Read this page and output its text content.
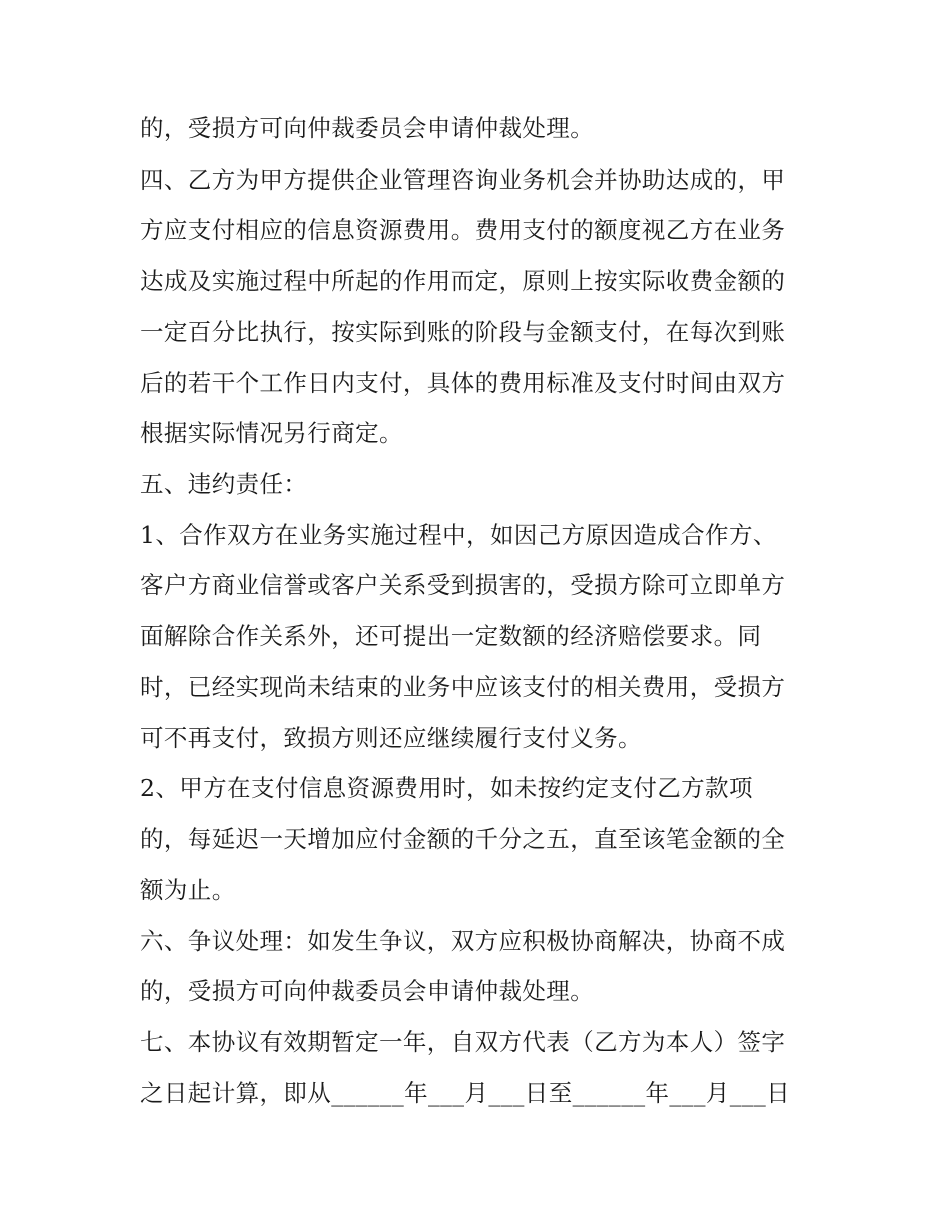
的，受损方可向仲裁委员会申请仲裁处理。
四、乙方为甲方提供企业管理咨询业务机会并协助达成的，甲
方应支付相应的信息资源费用。费用支付的额度视乙方在业务
达成及实施过程中所起的作用而定，原则上按实际收费金额的
一定百分比执行，按实际到账的阶段与金额支付，在每次到账
后的若干个工作日内支付，具体的费用标准及支付时间由双方
根据实际情况另行商定。
五、违约责任：
1、合作双方在业务实施过程中，如因己方原因造成合作方、
客户方商业信誉或客户关系受到损害的，受损方除可立即单方
面解除合作关系外，还可提出一定数额的经济赔偿要求。同
时，已经实现尚未结束的业务中应该支付的相关费用，受损方
可不再支付，致损方则还应继续履行支付义务。
2、甲方在支付信息资源费用时，如未按约定支付乙方款项
的，每延迟一天增加应付金额的千分之五，直至该笔金额的全
额为止。
六、争议处理：如发生争议，双方应积极协商解决，协商不成
的，受损方可向仲裁委员会申请仲裁处理。
七、本协议有效期暂定一年，自双方代表（乙方为本人）签字
之日起计算，即从______年___月___日至______年___月___日
